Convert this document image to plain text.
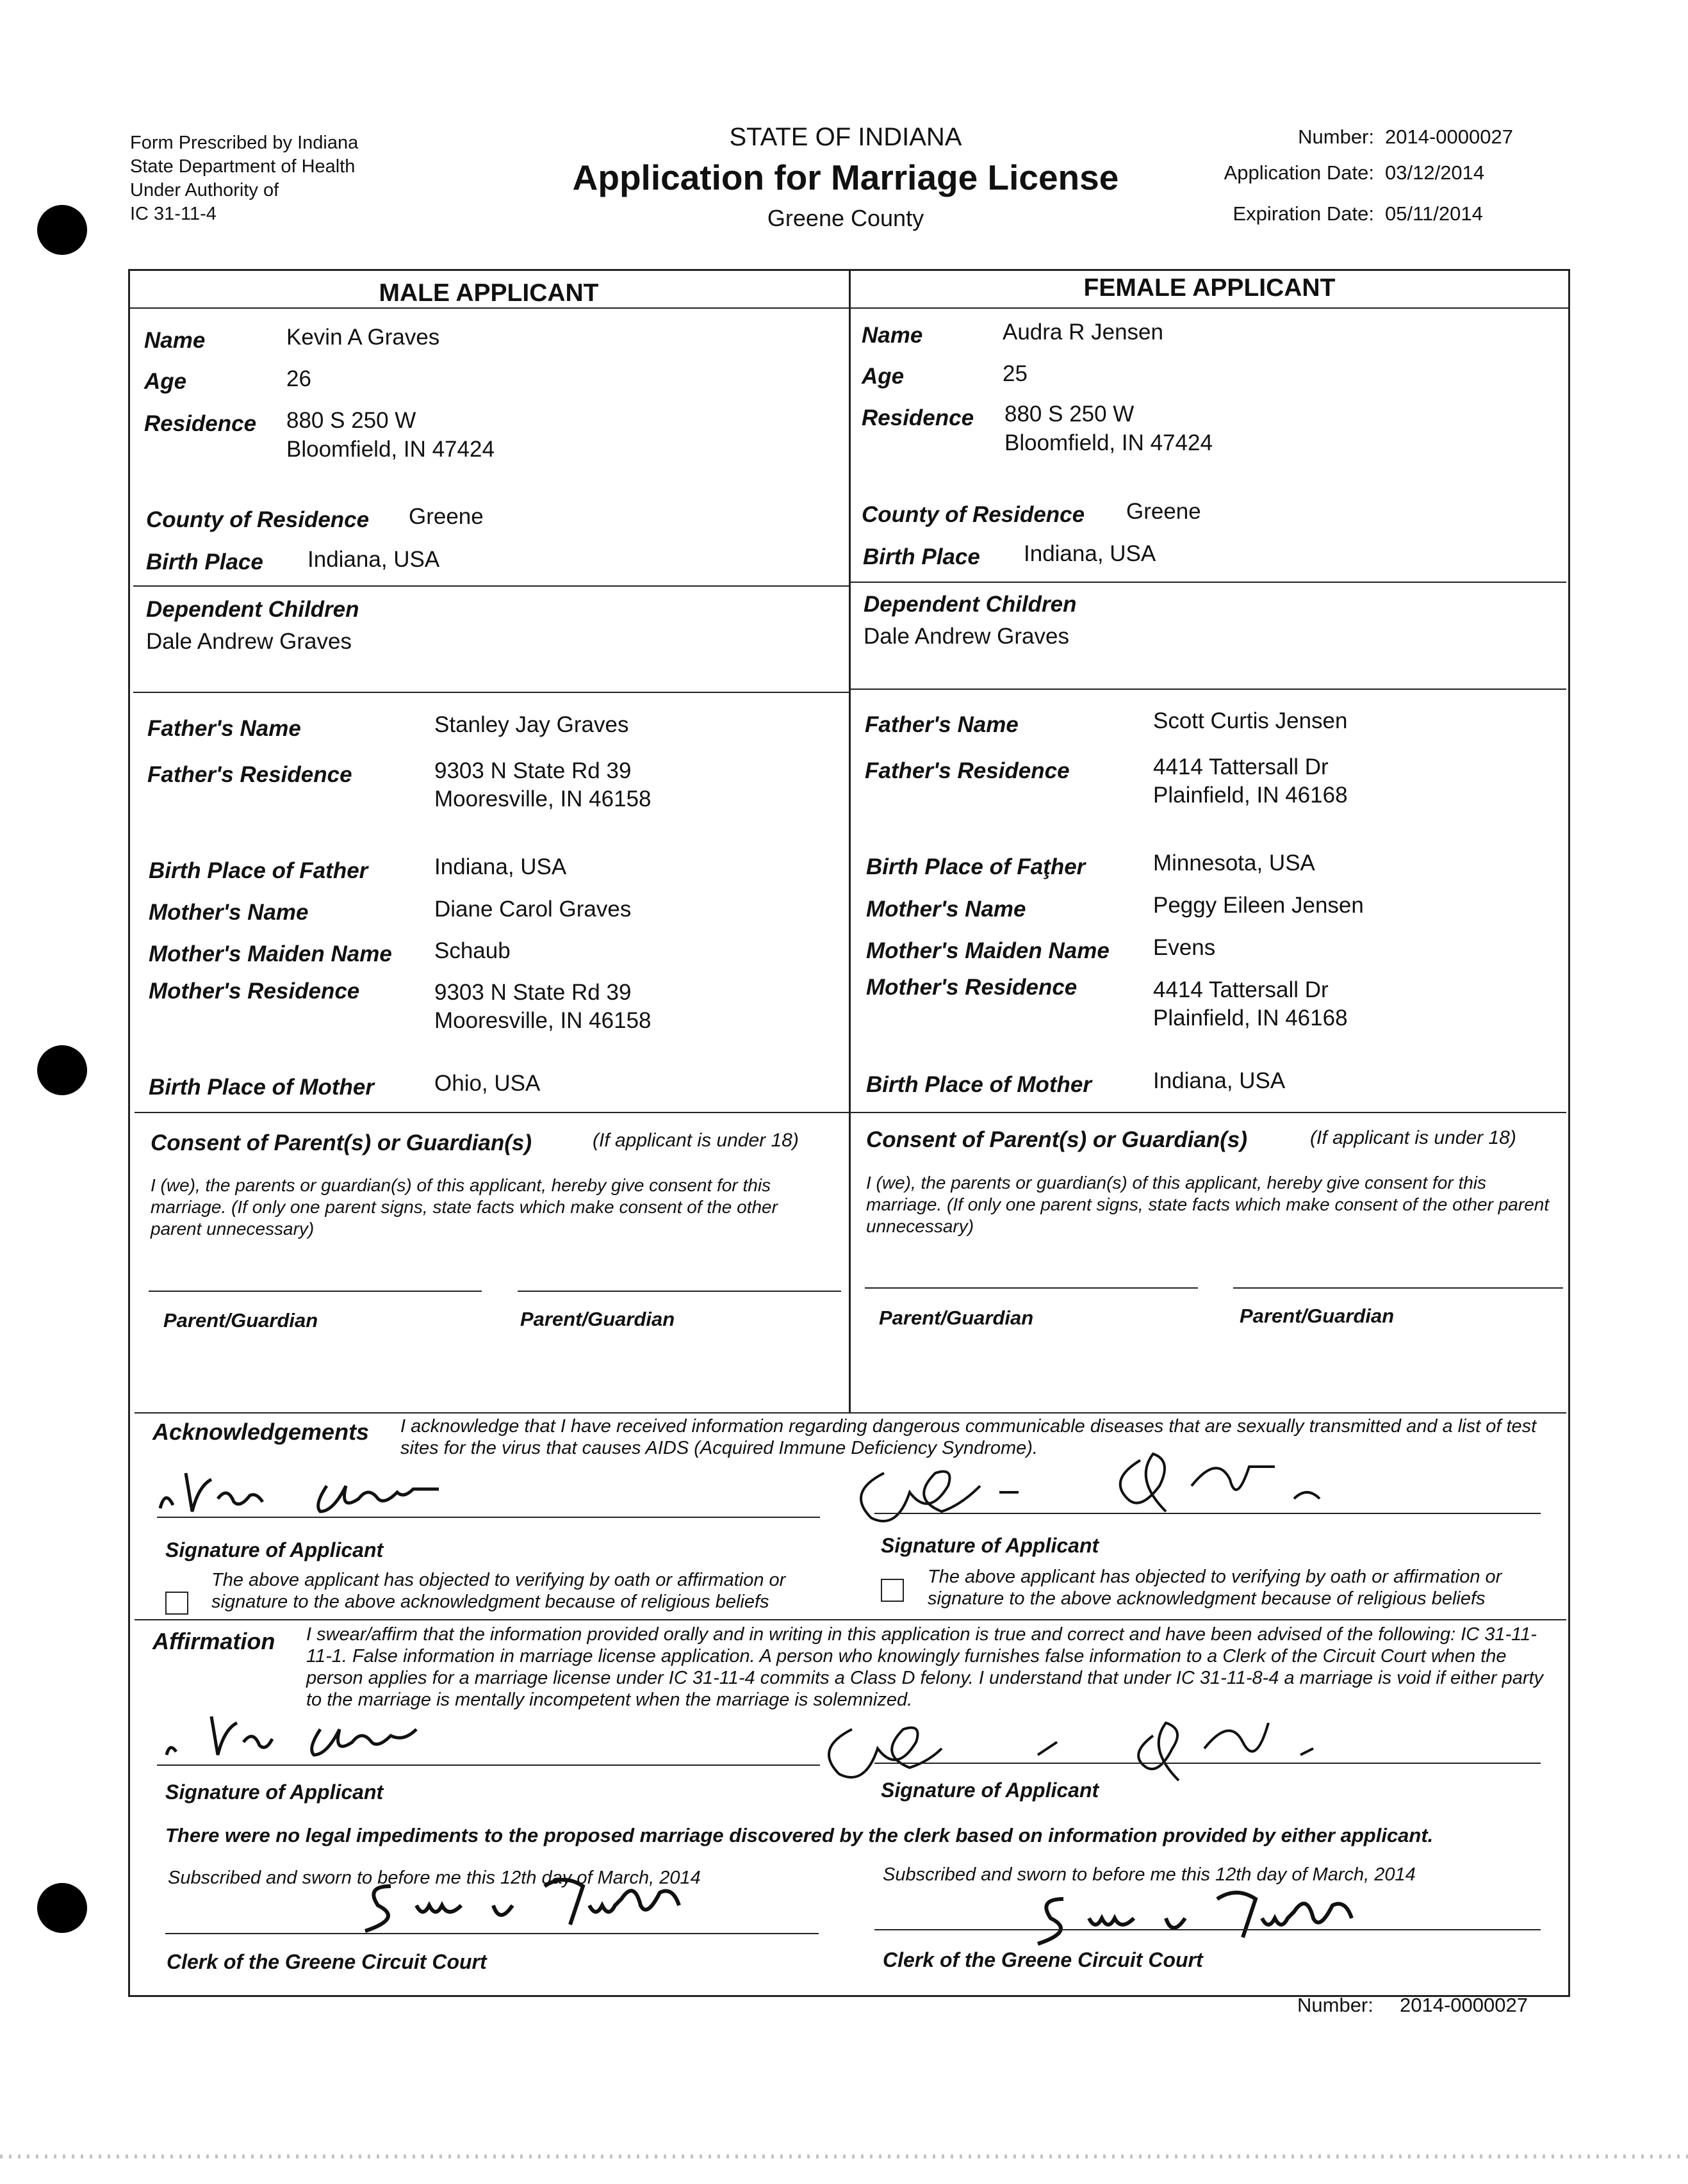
Form Prescribed by Indiana
State Department of Health
Under Authority of
IC 31-11-4
STATE OF INDIANA
Application for Marriage License
Greene County
Number: 2014-0000027
Application Date: 03/12/2014
Expiration Date: 05/11/2014
MALE APPLICANT	FEMALE APPLICANT
Name	Kevin A Graves
Age	26
Residence 880 S 250 W
Bloomfield, IN 47424
County of Residence Greene
Birth Place Indiana, USA
Dependent Children
Dale Andrew Graves
Father's Name	Stanley Jay Graves
Father's Residence	9303 N State Rd 39
Mooresville, IN 46158
Birth Place of Father	Indiana, USA
Mother's Name	Diane Carol Graves
Mother's Maiden Name Schaub
Mother's Residence	9303 N State Rd 39
Mooresville, IN 46158
Birth Place of Mother	Ohio, USA
Name	Audra R Jensen
Age	25
Residence 880 S 250 W
Bloomfield, IN 47424
County of Residence Greene
Birth Place Indiana, USA
Dependent Children
Dale Andrew Graves
Father's Name	Scott Curtis Jensen
Father's Residence	4414 Tattersall Dr
Plainfield, IN 46168
Birth Place of Faţher	Minnesota, USA
Mother's Name	Peggy Eileen Jensen
Mother's Maiden Name Evens
Mother's Residence	4414 Tattersall Dr
Plainfield, IN 46168
Birth Place of Mother	Indiana, USA
Consent of Parent(s) or Guardian(s)	(If applicant is under 18)
I (we), the parents or guardian(s) of this applicant, hereby give consent for this marriage. (If only one parent signs, state facts which make consent of the other parent unnecessary)
Parent/Guardian	Parent/Guardian
Consent of Parent(s) or Guardian(s)	(If applicant is under 18)
I (we), the parents or guardian(s) of this applicant, hereby give consent for this marriage. (If only one parent signs, state facts which make consent of the other parent unnecessary)
Parent/Guardian	Parent/Guardian
Acknowledgements I acknowledge that I have received information regarding dangerous communicable diseases that are sexually transmitted and a list of test sites for the virus that causes AIDS (Acquired Immune Deficiency Syndrome).
Signature of Applicant
The above applicant has objected to verifying by oath or affirmation or signature to the above acknowledgment because of religious beliefs
Signature of Applicant
The above applicant has objected to verifying by oath or affirmation or signature to the above acknowledgment because of religious beliefs
Affirmation I swear/affirm that the information provided orally and in writing in this application is true and correct and have been advised of the following: IC 31-11-11-1. False information in marriage license application. A person who knowingly furnishes false information to a Clerk of the Circuit Court when the person applies for a marriage license under IC 31-11-4 commits a Class D felony. I understand that under IC 31-11-8-4 a marriage is void if either party to the marriage is mentally incompetent when the marriage is solemnized.
Signature of Applicant	Signature of Applicant
There were no legal impediments to the proposed marriage discovered by the clerk based on information provided by either applicant.
Subscribed and sworn to before me this 12th day of March, 2014
Clerk of the Greene Circuit Court
Subscribed and sworn to before me this 12th day of March, 2014
Clerk of the Greene Circuit Court
Number: 2014-0000027
